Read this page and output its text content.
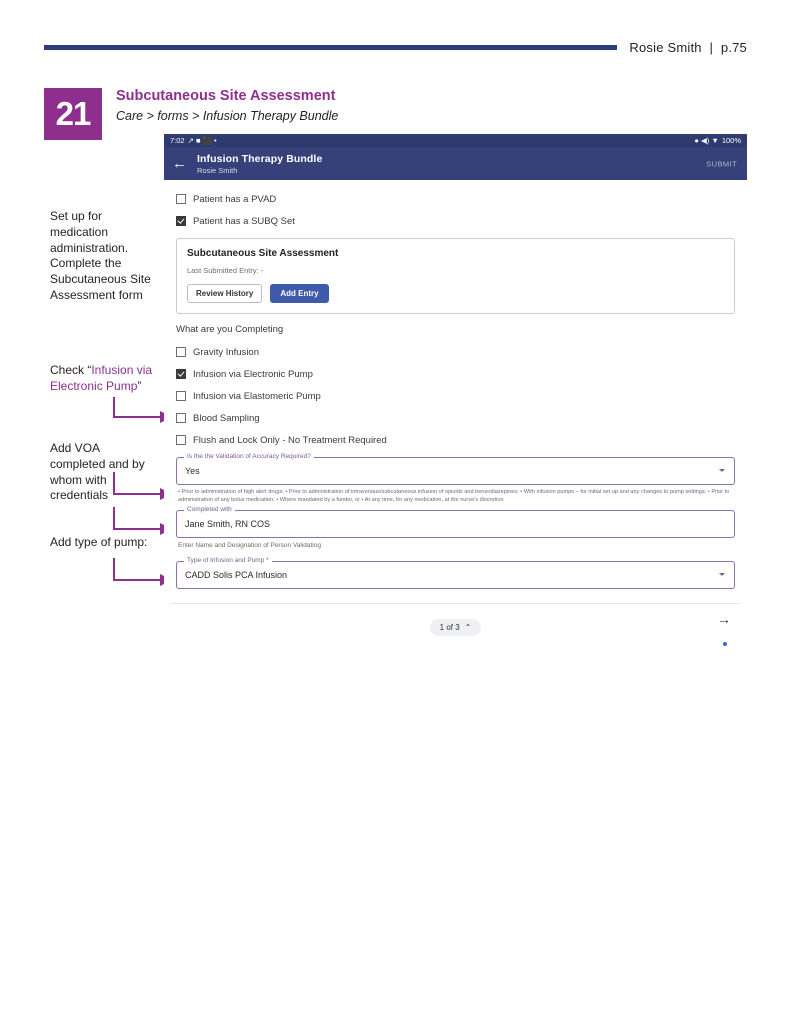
Rosie Smith | p.75
21	Subcutaneous Site Assessment
Care > forms > Infusion Therapy Bundle
Set up for medication administration. Complete the Subcutaneous Site Assessment form
Check “Infusion via Electronic Pump”
Add VOA completed and by whom with credentials
Add type of pump:
7:02 ↗ ■ ⬛ •	● ◀) ▼ 100%
← Infusion Therapy Bundle
Rosie Smith
SUBMIT
Patient has a PVAD
Patient has a SUBQ Set
Subcutaneous Site Assessment
Last Submitted Entry: -
Review History	Add Entry
What are you Completing
Gravity Infusion
Infusion via Electronic Pump
Infusion via Elastomeric Pump
Blood Sampling
Flush and Lock Only - No Treatment Required
Is the the Validation of Accuracy Required?
Yes
• Prior to administration of high alert drugs; • Prior to administration of intravenous/subcutaneous infusion of opioids and benzodiazepines; • With infusion pumps – for initial set up and any changes to pump settings; • Prior to administration of any bolus medication; • Where mandated by a funder, or • At any time, for any medication, at the nurse's discretion
Completed with
Jane Smith, RN COS
Enter Name and Designation of Person Validating
Type of Infusion and Pump *
CADD Solis PCA Infusion
1 of 3 ⌃	→
